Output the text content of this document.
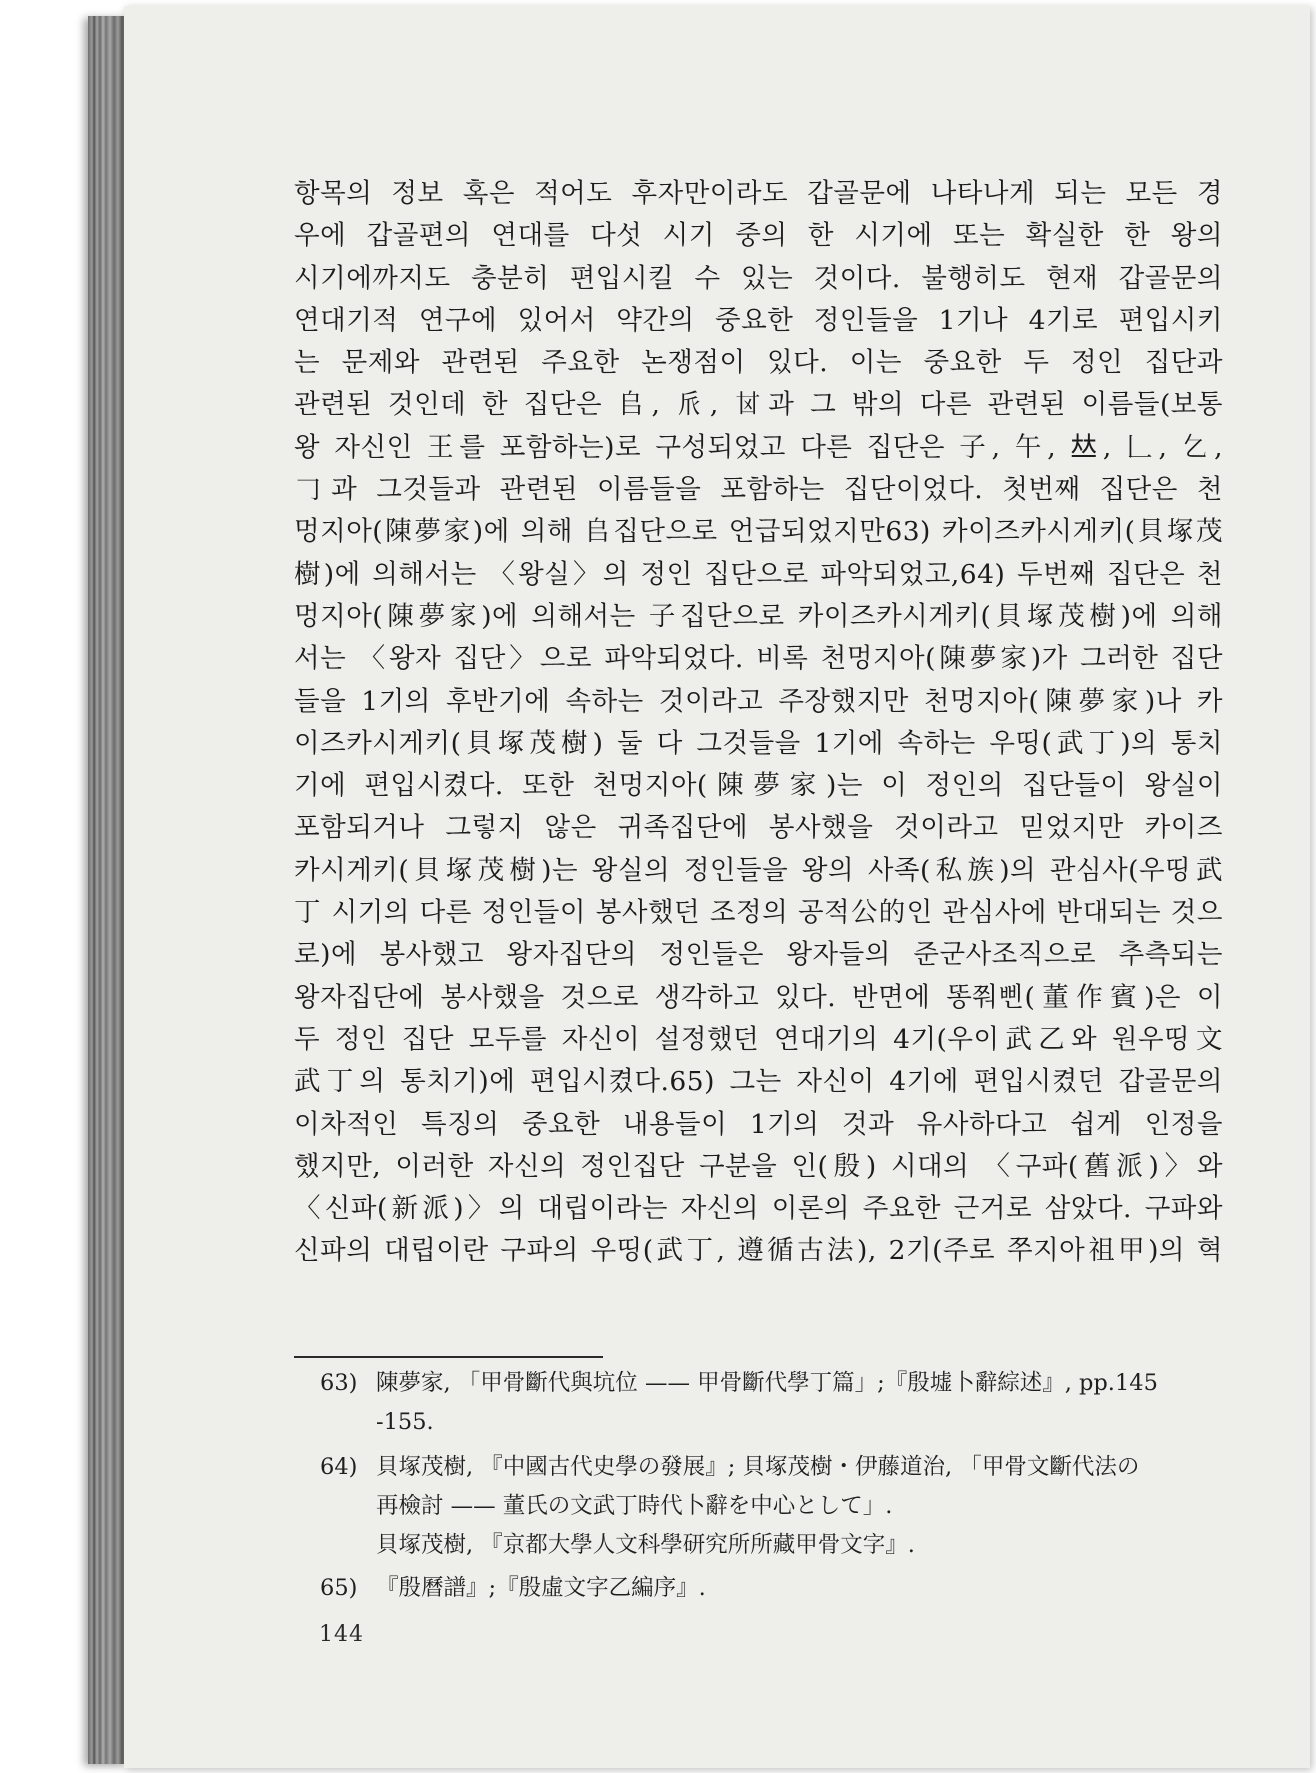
항목의 정보 혹은 적어도 후자만이라도 갑골문에 나타나게 되는 모든 경
우에 갑골편의 연대를 다섯 시기 중의 한 시기에 또는 확실한 한 왕의
시기에까지도 충분히 편입시킬 수 있는 것이다. 불행히도 현재 갑골문의
연대기적 연구에 있어서 약간의 중요한 정인들을 1기나 4기로 편입시키
는 문제와 관련된 주요한 논쟁점이 있다. 이는 중요한 두 정인 집단과
관련된 것인데 한 집단은 𠂤, 𠂢, 𠀠과 그 밖의 다른 관련된 이름들(보통
왕 자신인 王를 포함하는)로 구성되었고 다른 집단은 子, 午, 𠀤, 𠃊, 𠃉,
𠃌과 그것들과 관련된 이름들을 포함하는 집단이었다. 첫번째 집단은 천
멍지아(陳夢家)에 의해 𠂤집단으로 언급되었지만63) 카이즈카시게키(貝塚茂
樹)에 의해서는 〈왕실〉의 정인 집단으로 파악되었고,64) 두번째 집단은 천
멍지아(陳夢家)에 의해서는 子집단으로 카이즈카시게키(貝塚茂樹)에 의해
서는 〈왕자 집단〉으로 파악되었다. 비록 천멍지아(陳夢家)가 그러한 집단
들을 1기의 후반기에 속하는 것이라고 주장했지만 천멍지아(陳夢家)나 카
이즈카시게키(貝塚茂樹) 둘 다 그것들을 1기에 속하는 우띵(武丁)의 통치
기에 편입시켰다. 또한 천멍지아(陳夢家)는 이 정인의 집단들이 왕실이
포함되거나 그렇지 않은 귀족집단에 봉사했을 것이라고 믿었지만 카이즈
카시게키(貝塚茂樹)는 왕실의 정인들을 왕의 사족(私族)의 관심사(우띵武
丁 시기의 다른 정인들이 봉사했던 조정의 공적公的인 관심사에 반대되는 것으
로)에 봉사했고 왕자집단의 정인들은 왕자들의 준군사조직으로 추측되는
왕자집단에 봉사했을 것으로 생각하고 있다. 반면에 똥쭤삔(董作賓)은 이
두 정인 집단 모두를 자신이 설정했던 연대기의 4기(우이武乙와 원우띵文
武丁의 통치기)에 편입시켰다.65) 그는 자신이 4기에 편입시켰던 갑골문의
이차적인 특징의 중요한 내용들이 1기의 것과 유사하다고 쉽게 인정을
했지만, 이러한 자신의 정인집단 구분을 인(殷) 시대의 〈구파(舊派)〉와
〈신파(新派)〉의 대립이라는 자신의 이론의 주요한 근거로 삼았다. 구파와
신파의 대립이란 구파의 우띵(武丁, 遵循古法), 2기(주로 쭈지아祖甲)의 혁
63) 陳夢家, 「甲骨斷代與坑位 —— 甲骨斷代學丁篇」;『殷墟卜辭綜述』, pp.145
-155.
64) 貝塚茂樹, 『中國古代史學の發展』; 貝塚茂樹・伊藤道治, 「甲骨文斷代法の
再檢討 —— 董氏の文武丁時代卜辭を中心として」.
貝塚茂樹, 『京都大學人文科學研究所所藏甲骨文字』.
65) 『殷曆譜』;『殷虛文字乙編序』.
144
